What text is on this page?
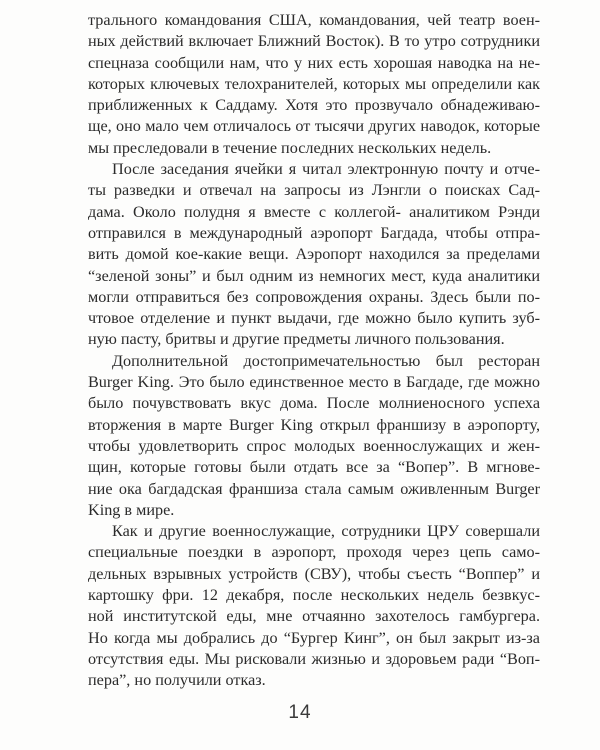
трального командования США, командования, чей театр воен-
ных действий включает Ближний Восток). В то утро сотрудники
спецназа сообщили нам, что у них есть хорошая наводка на не-
которых ключевых телохранителей, которых мы определили как
приближенных к Саддаму. Хотя это прозвучало обнадеживаю-
ще, оно мало чем отличалось от тысячи других наводок, которые
мы преследовали в течение последних нескольких недель.

После заседания ячейки я читал электронную почту и отче-
ты разведки и отвечал на запросы из Лэнгли о поисках Сад-
дама. Около полудня я вместе с коллегой- аналитиком Рэнди
отправился в международный аэропорт Багдада, чтобы отпра-
вить домой кое-какие вещи. Аэропорт находился за пределами
“зеленой зоны” и был одним из немногих мест, куда аналитики
могли отправиться без сопровождения охраны. Здесь были по-
чтовое отделение и пункт выдачи, где можно было купить зуб-
ную пасту, бритвы и другие предметы личного пользования.

Дополнительной достопримечательностью был ресторан
Burger King. Это было единственное место в Багдаде, где можно
было почувствовать вкус дома. После молниеносного успеха
вторжения в марте Burger King открыл франшизу в аэропорту,
чтобы удовлетворить спрос молодых военнослужащих и жен-
щин, которые готовы были отдать все за “Вопер”. В мгнове-
ние ока багдадская франшиза стала самым оживленным Burger
King в мире.

Как и другие военнослужащие, сотрудники ЦРУ совершали
специальные поездки в аэропорт, проходя через цепь само-
дельных взрывных устройств (СВУ), чтобы съесть “Воппер” и
картошку фри. 12 декабря, после нескольких недель безвкус-
ной институтской еды, мне отчаянно захотелось гамбургера.
Но когда мы добрались до “Бургер Кинг”, он был закрыт из-за
отсутствия еды. Мы рисковали жизнью и здоровьем ради “Воп-
пера”, но получили отказ.

14
